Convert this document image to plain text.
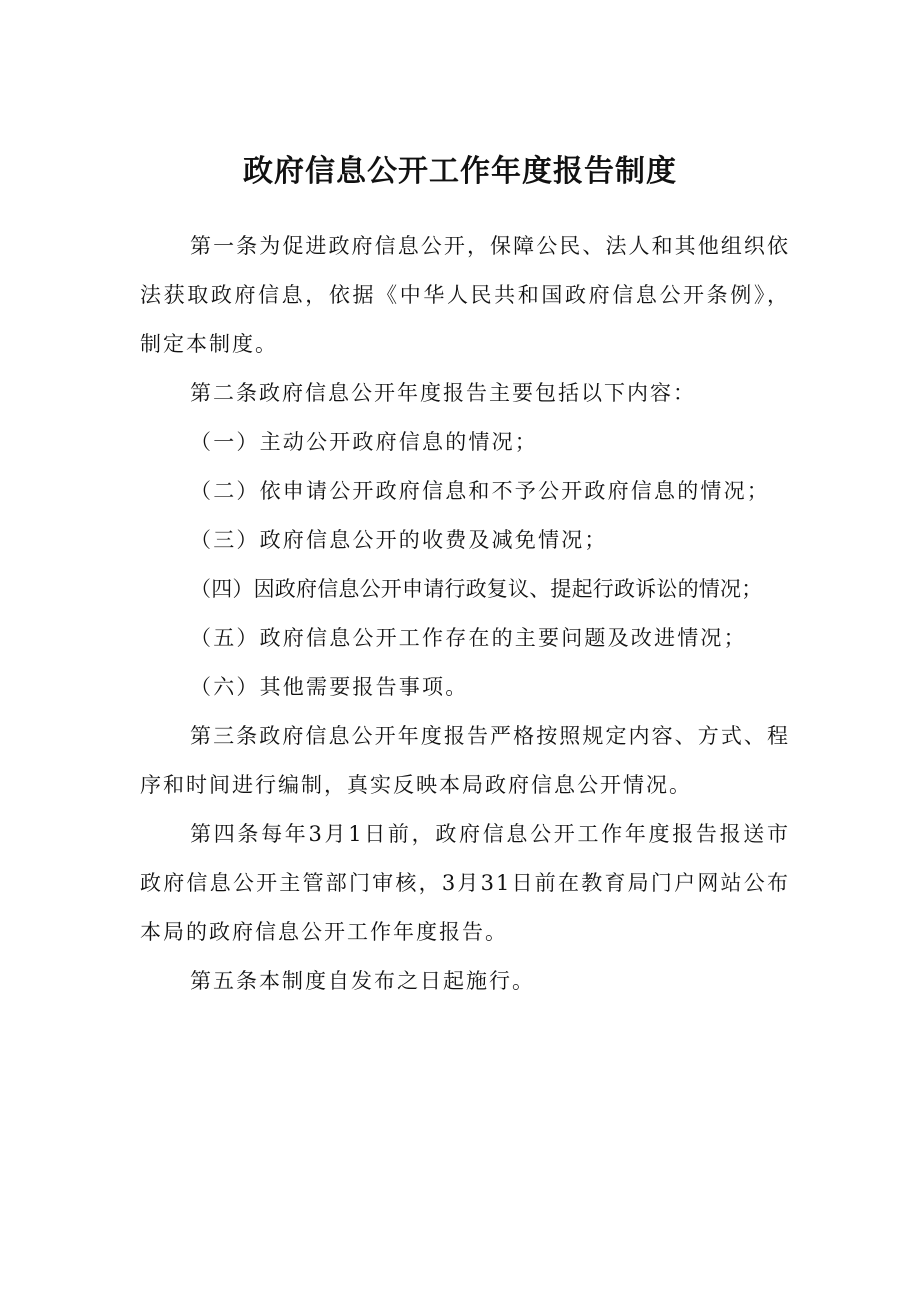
政府信息公开工作年度报告制度

第一条为促进政府信息公开，保障公民、法人和其他组织依法获取政府信息，依据《中华人民共和国政府信息公开条例》，制定本制度。

第二条政府信息公开年度报告主要包括以下内容：

（一）主动公开政府信息的情况；

（二）依申请公开政府信息和不予公开政府信息的情况；

（三）政府信息公开的收费及减免情况；

（四）因政府信息公开申请行政复议、提起行政诉讼的情况；

（五）政府信息公开工作存在的主要问题及改进情况；

（六）其他需要报告事项。

第三条政府信息公开年度报告严格按照规定内容、方式、程序和时间进行编制，真实反映本局政府信息公开情况。

第四条每年3月1日前，政府信息公开工作年度报告报送市政府信息公开主管部门审核，3月31日前在教育局门户网站公布本局的政府信息公开工作年度报告。

第五条本制度自发布之日起施行。
